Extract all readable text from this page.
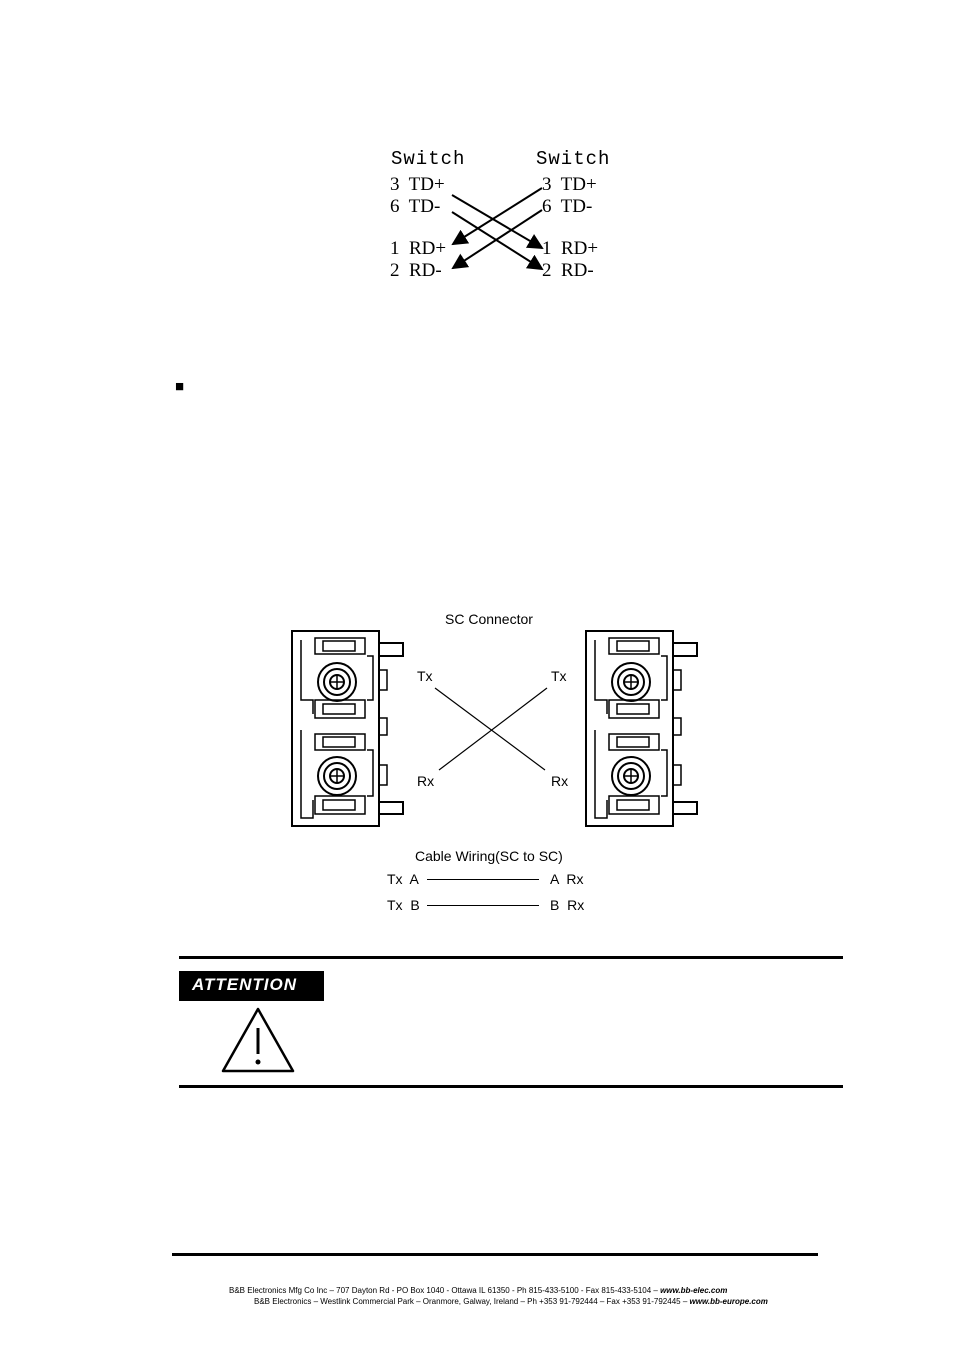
Switch	Switch
3 TD+
6 TD-
1 RD+
2 RD-
3 TD+
6 TD-
1 RD+
2 RD-
■
SC Connector
Tx
Rx
Tx
Rx
Cable Wiring(SC to SC)
Tx  A	A  Rx
Tx  B	B  Rx
ATTENTION
B&B Electronics Mfg Co Inc – 707 Dayton Rd - PO Box 1040 - Ottawa IL 61350 - Ph 815-433-5100 - Fax 815-433-5104 – www.bb-elec.com
B&B Electronics – Westlink Commercial Park – Oranmore, Galway, Ireland – Ph +353 91-792444 – Fax +353 91-792445 – www.bb-europe.com
